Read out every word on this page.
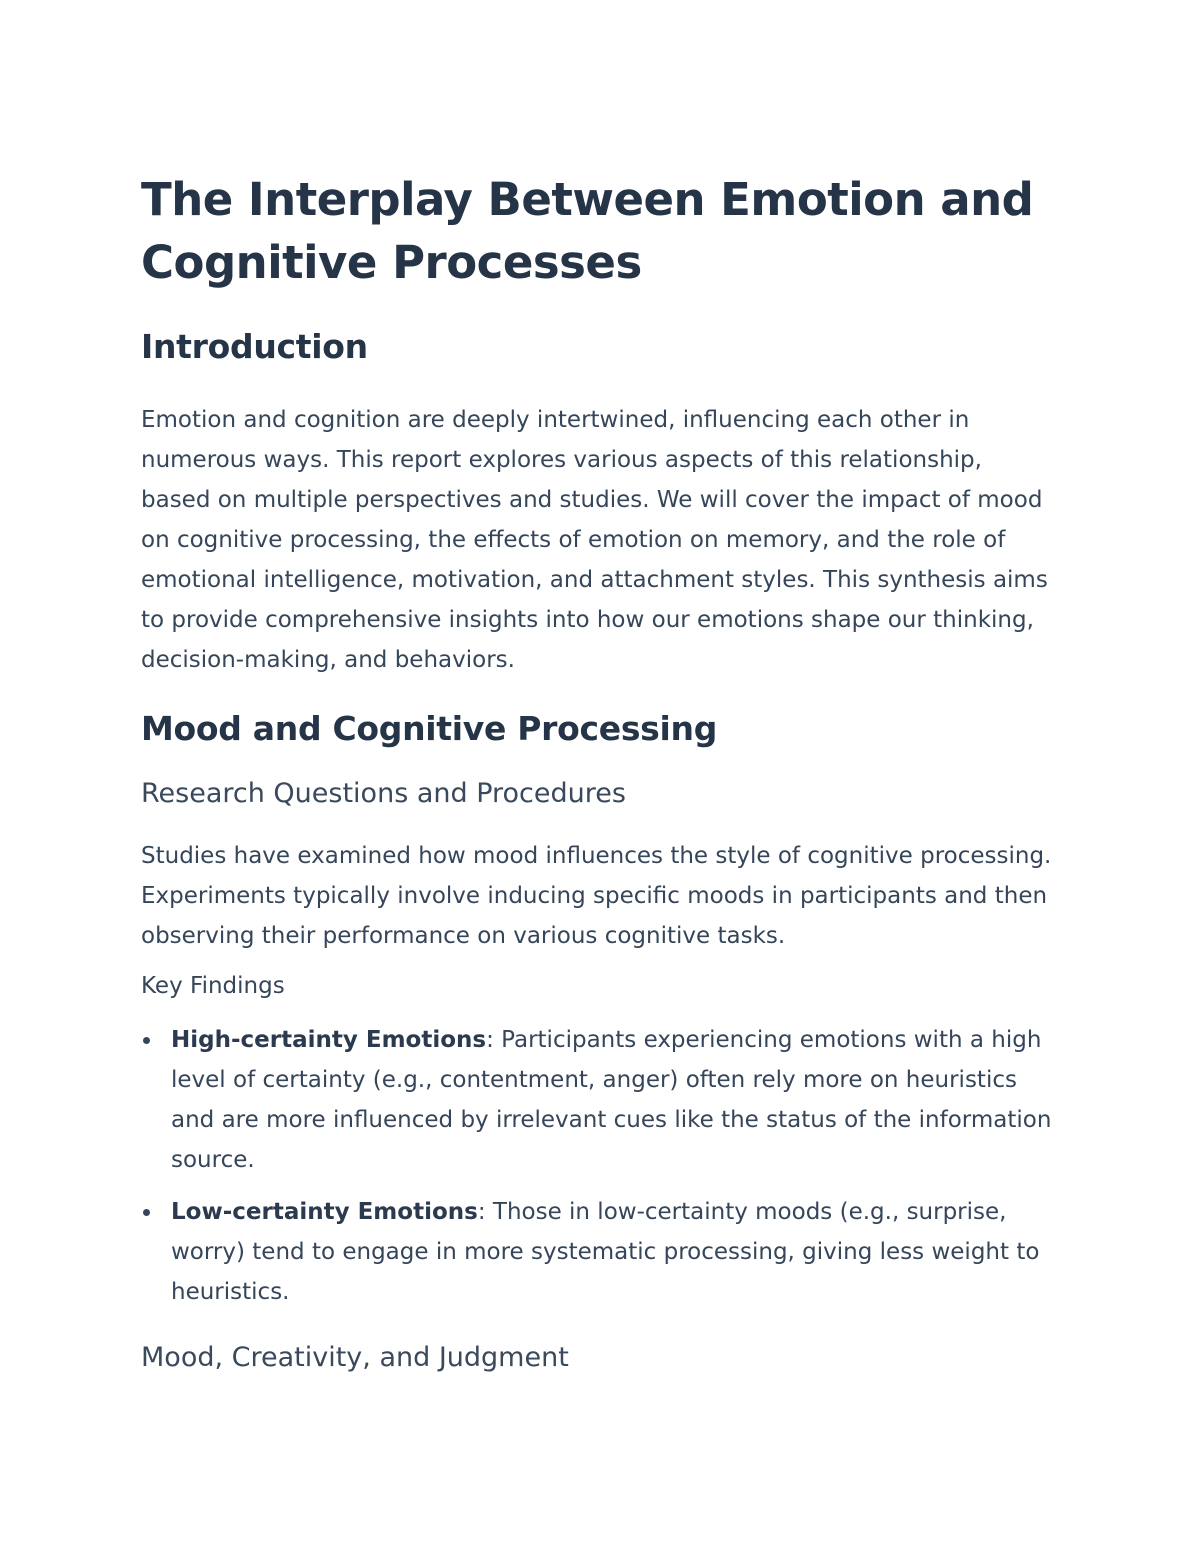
The Interplay Between Emotion and Cognitive Processes
Introduction

Emotion and cognition are deeply intertwined, influencing each other in numerous ways. This report explores various aspects of this relationship, based on multiple perspectives and studies. We will cover the impact of mood on cognitive processing, the effects of emotion on memory, and the role of emotional intelligence, motivation, and attachment styles. This synthesis aims to provide comprehensive insights into how our emotions shape our thinking, decision-making, and behaviors.

Mood and Cognitive Processing
Research Questions and Procedures

Studies have examined how mood influences the style of cognitive processing. Experiments typically involve inducing specific moods in participants and then observing their performance on various cognitive tasks.

Key Findings
High-certainty Emotions: Participants experiencing emotions with a high level of certainty (e.g., contentment, anger) often rely more on heuristics and are more influenced by irrelevant cues like the status of the information source.
Low-certainty Emotions: Those in low-certainty moods (e.g., surprise, worry) tend to engage in more systematic processing, giving less weight to heuristics.
Mood, Creativity, and Judgment
